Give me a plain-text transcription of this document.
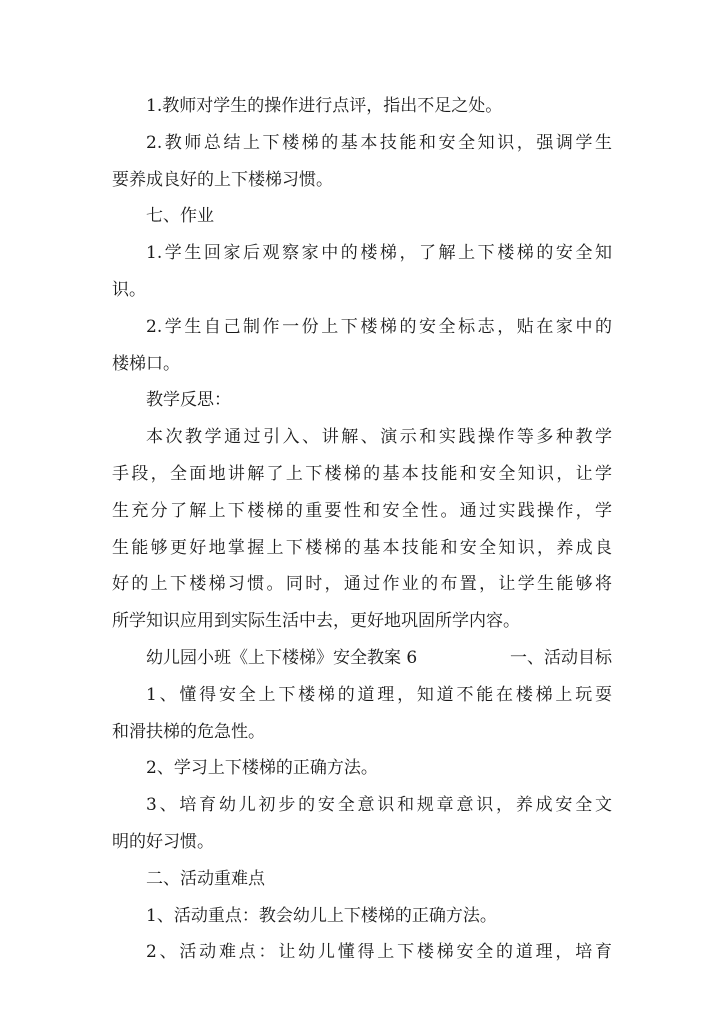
1.教师对学生的操作进行点评，指出不足之处。
2.教师总结上下楼梯的基本技能和安全知识，强调学生
要养成良好的上下楼梯习惯。
七、作业
1.学生回家后观察家中的楼梯，了解上下楼梯的安全知
识。
2.学生自己制作一份上下楼梯的安全标志，贴在家中的
楼梯口。
教学反思：
本次教学通过引入、讲解、演示和实践操作等多种教学
手段，全面地讲解了上下楼梯的基本技能和安全知识，让学
生充分了解上下楼梯的重要性和安全性。通过实践操作，学
生能够更好地掌握上下楼梯的基本技能和安全知识，养成良
好的上下楼梯习惯。同时，通过作业的布置，让学生能够将
所学知识应用到实际生活中去，更好地巩固所学内容。
幼儿园小班《上下楼梯》安全教案 6	一、活动目标
1、懂得安全上下楼梯的道理，知道不能在楼梯上玩耍
和滑扶梯的危急性。
2、学习上下楼梯的正确方法。
3、培育幼儿初步的安全意识和规章意识，养成安全文
明的好习惯。
二、活动重难点
1、活动重点：教会幼儿上下楼梯的正确方法。
2、活动难点：让幼儿懂得上下楼梯安全的道理，培育
